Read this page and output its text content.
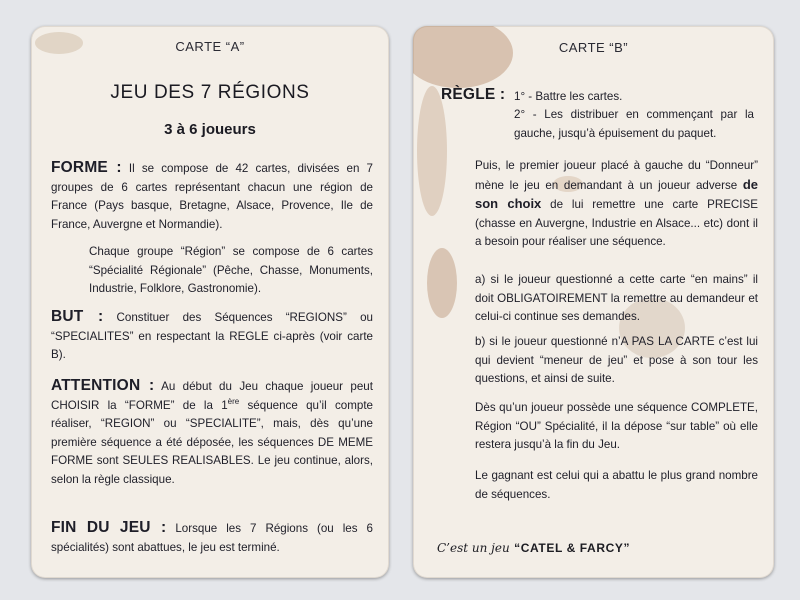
CARTE “A”
JEU DES 7 RÉGIONS
3 à 6 joueurs
FORME : Il se compose de 42 cartes, divisées en 7 groupes de 6 cartes représentant chacun une région de France (Pays basque, Bretagne, Alsace, Provence, Ile de France, Auvergne et Normandie).
Chaque groupe “Région” se compose de 6 cartes “Spécialité Régionale” (Pêche, Chasse, Monuments, Industrie, Folklore, Gastronomie).
BUT : Constituer des Séquences “REGIONS” ou “SPECIALITES” en respectant la REGLE ci-après (voir carte B).
ATTENTION : Au début du Jeu chaque joueur peut CHOISIR la “FORME” de la 1ère séquence qu’il compte réaliser, “REGION” ou “SPECIALITE”, mais, dès qu’une première séquence a été déposée, les séquences DE MEME FORME sont SEULES REALISABLES. Le jeu continue, alors, selon la règle classique.
FIN DU JEU : Lorsque les 7 Régions (ou les 6 spécialités) sont abattues, le jeu est terminé.
CARTE “B”
RÈGLE : 1° - Battre les cartes.
2° - Les distribuer en commençant par la gauche, jusqu’à épuisement du paquet.
Puis, le premier joueur placé à gauche du “Donneur” mène le jeu en demandant à un joueur adverse de son choix de lui remettre une carte PRECISE (chasse en Auvergne, Industrie en Alsace... etc) dont il a besoin pour réaliser une séquence.
a) si le joueur questionné a cette carte “en mains” il doit OBLIGATOIREMENT la remettre au demandeur et celui-ci continue ses demandes.
b) si le joueur questionné n’A PAS LA CARTE c’est lui qui devient “meneur de jeu” et pose à son tour les questions, et ainsi de suite.
Dès qu’un joueur possède une séquence COMPLETE, Région “OU” Spécialité, il la dépose “sur table” où elle restera jusqu’à la fin du Jeu.
Le gagnant est celui qui a abattu le plus grand nombre de séquences.
C’est un jeu “CATEL & FARCY”
